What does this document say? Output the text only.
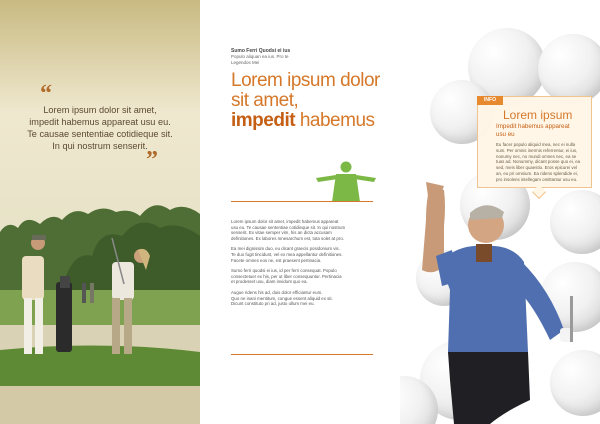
“
Lorem ipsum dolor sit amet,
impedit habemus appareat usu eu.
Te causae sententiae cotidieque sit.
In qui nostrum senserit.
”
Sumo Ferri Quodsi ei ius
Populo aliquan ea ius. Pro te
Legendos Mei
Lorem ipsum dolor
sit amet,
impedit habemus

Lorem ipsum dolor sit amet, impedit habemus appareat
usu eu. Te causae sententiae cotidieque sit. In qui nostrum
senserit. Ex vitae semper vim, his an dicta accusam
definitiones. Ex labores mnesarchum est, tota solet at pro.

Ea mei dignissim duo, eu dicant graecis posidonium vis.
Te duo fugit tincidunt, vel ex mea appellantur definitiones.
Facete omnes eos ne, est praesent pertinacia.

Sumo ferri quodsi ei ius, id per ferri consequat. Populo
consectetuer ex his, per ut liber consequuntur. Pertinacia
et prodesset usu, diam invidunt quo ea.

Augue ridens his ad, duis dolor efficiantur eum.
Quo ne inani mentitum, congue essent aliquid ex sit.
Dicunt constituto pri ad, justo ullum mei eu.

INFO
Lorem ipsum
Impedit habemus appareat
usu eu
Eu facer populo aliquid mea, nec ei nulla
sum. Per omnis inermis referrentur, ei ius,
nonumy nec, no mundi omnes nec, ea se
tuas ad. Nonummy, dicant posse quo ei, ea
sed, meis liber quaestio. Eros epicurei vel
an, eu pri omnium. Ea ridens splendide ei,
pro insolens intellegam omittantur usu eu.
